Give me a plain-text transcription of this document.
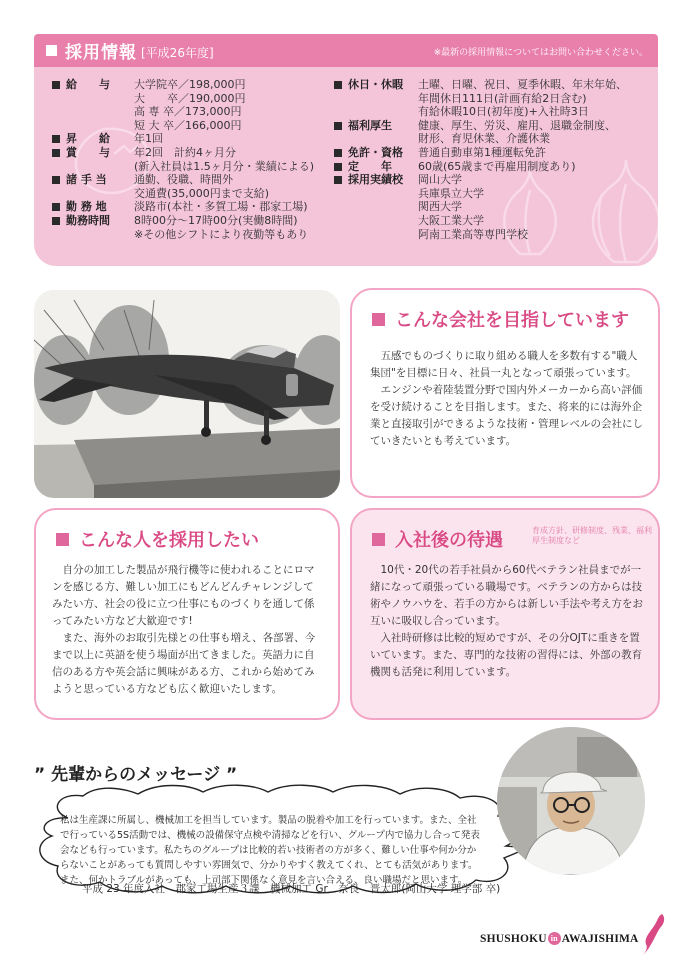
採用情報 [平成26年度]	※最新の採用情報についてはお問い合わせください。
給　　与 大学院卒／198,000円
大　　卒／190,000円
高 専 卒／173,000円
短 大 卒／166,000円
昇　　給 年1回
賞　　与 年2回　計約4ヶ月分
(新入社員は1.5ヶ月分・業績による)
諸 手 当 通勤、役職、時間外
交通費(35,000円まで支給)
勤 務 地 淡路市(本社・多賀工場・郡家工場)
勤務時間 8時00分～17時00分(実働8時間)
※その他シフトにより夜勤等もあり
休日・休暇 土曜、日曜、祝日、夏季休暇、年末年始、
年間休日111日(計画有給2日含む)
有給休暇10日(初年度)+入社時3日
福利厚生 健康、厚生、労災、雇用、退職金制度、
財形、育児休業、介護休業
免許・資格 普通自動車第1種運転免許
定　　年 60歳(65歳まで再雇用制度あり)
採用実績校 岡山大学
兵庫県立大学
関西大学
大阪工業大学
阿南工業高等専門学校
こんな会社を目指しています

五感でものづくりに取り組める職人を多数有する"職人集団"を目標に日々、社員一丸となって頑張っています。

エンジンや着陸装置分野で国内外メーカーから高い評価を受け続けることを目指します。また、将来的には海外企業と直接取引ができるような技術・管理レベルの会社にしていきたいとも考えています。

こんな人を採用したい

自分の加工した製品が飛行機等に使われることにロマンを感じる方、難しい加工にもどんどんチャレンジしてみたい方、社会の役に立つ仕事にものづくりを通して係ってみたい方など大歓迎です!

また、海外のお取引先様との仕事も増え、各部署、今まで以上に英語を使う場面が出てきました。英語力に自信のある方や英会話に興味がある方、これから始めてみようと思っている方なども広く歓迎いたします。

入社後の待遇	育成方針、研修制度、残業、福利厚生制度など

10代・20代の若手社員から60代ベテラン社員までが一緒になって頑張っている職場です。ベテランの方からは技術やノウハウを、若手の方からは新しい手法や考え方をお互いに吸収し合っています。

入社時研修は比較的短めですが、その分OJTに重きを置いています。また、専門的な技術の習得には、外部の教育機関も活発に利用しています。

” 先輩からのメッセージ ”
私は生産課に所属し、機械加工を担当しています。製品の脱着や加工を行っています。また、全社で行っている5S活動では、機械の設備保守点検や清掃などを行い、グループ内で協力し合って発表会なども行っています。私たちのグループは比較的若い技術者の方が多く、難しい仕事や何か分からないことがあっても質問しやすい雰囲気で、分かりやすく教えてくれ、とても活気があります。また、何かトラブルがあっても、上司部下関係なく意見を言い合える、良い職場だと思います。
平成 23 年度入社　郡家工場生産３課　機械加工 Gr　奈良　晋太郎(岡山大学 理学部 卒)
SHUSHOKU in AWAJISHIMA
